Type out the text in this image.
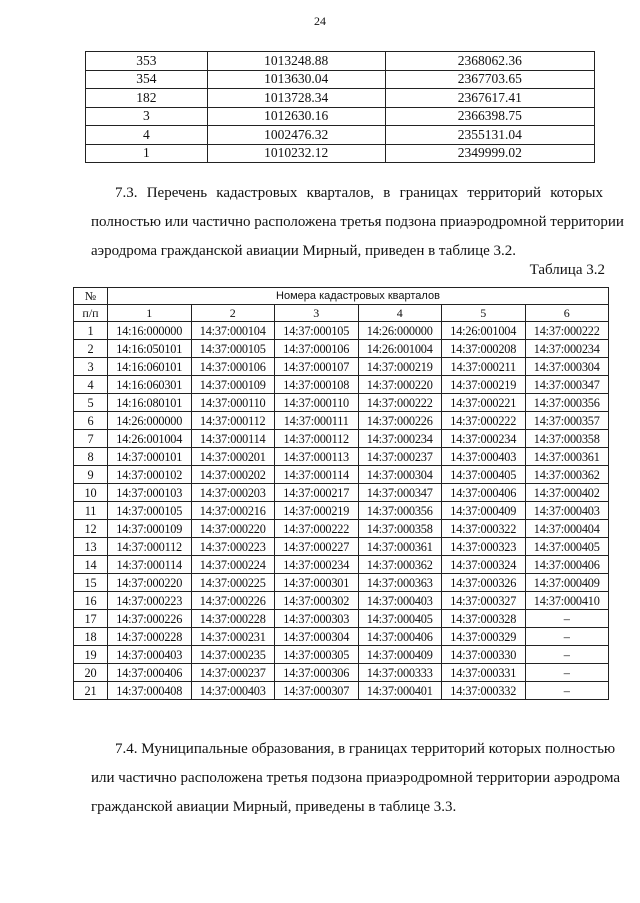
24
353	1013248.88	2368062.36
354	1013630.04	2367703.65
182	1013728.34	2367617.41
3	1012630.16	2366398.75
4	1002476.32	2355131.04
1	1010232.12	2349999.02
7.3. Перечень кадастровых кварталов, в границах территорий которых
полностью или частично расположена третья подзона приаэродромной территории
аэродрома гражданской авиации Мирный, приведен в таблице 3.2.
Таблица 3.2
№	Номера кадастровых кварталов					
п/п	1	2	3	4	5	6
1	14:16:000000	14:37:000104	14:37:000105	14:26:000000	14:26:001004	14:37:000222
2	14:16:050101	14:37:000105	14:37:000106	14:26:001004	14:37:000208	14:37:000234
3	14:16:060101	14:37:000106	14:37:000107	14:37:000219	14:37:000211	14:37:000304
4	14:16:060301	14:37:000109	14:37:000108	14:37:000220	14:37:000219	14:37:000347
5	14:16:080101	14:37:000110	14:37:000110	14:37:000222	14:37:000221	14:37:000356
6	14:26:000000	14:37:000112	14:37:000111	14:37:000226	14:37:000222	14:37:000357
7	14:26:001004	14:37:000114	14:37:000112	14:37:000234	14:37:000234	14:37:000358
8	14:37:000101	14:37:000201	14:37:000113	14:37:000237	14:37:000403	14:37:000361
9	14:37:000102	14:37:000202	14:37:000114	14:37:000304	14:37:000405	14:37:000362
10	14:37:000103	14:37:000203	14:37:000217	14:37:000347	14:37:000406	14:37:000402
11	14:37:000105	14:37:000216	14:37:000219	14:37:000356	14:37:000409	14:37:000403
12	14:37:000109	14:37:000220	14:37:000222	14:37:000358	14:37:000322	14:37:000404
13	14:37:000112	14:37:000223	14:37:000227	14:37:000361	14:37:000323	14:37:000405
14	14:37:000114	14:37:000224	14:37:000234	14:37:000362	14:37:000324	14:37:000406
15	14:37:000220	14:37:000225	14:37:000301	14:37:000363	14:37:000326	14:37:000409
16	14:37:000223	14:37:000226	14:37:000302	14:37:000403	14:37:000327	14:37:000410
17	14:37:000226	14:37:000228	14:37:000303	14:37:000405	14:37:000328	–
18	14:37:000228	14:37:000231	14:37:000304	14:37:000406	14:37:000329	–
19	14:37:000403	14:37:000235	14:37:000305	14:37:000409	14:37:000330	–
20	14:37:000406	14:37:000237	14:37:000306	14:37:000333	14:37:000331	–
21	14:37:000408	14:37:000403	14:37:000307	14:37:000401	14:37:000332	–
7.4. Муниципальные образования, в границах территорий которых полностью
или частично расположена третья подзона приаэродромной территории аэродрома
гражданской авиации Мирный, приведены в таблице 3.3.
